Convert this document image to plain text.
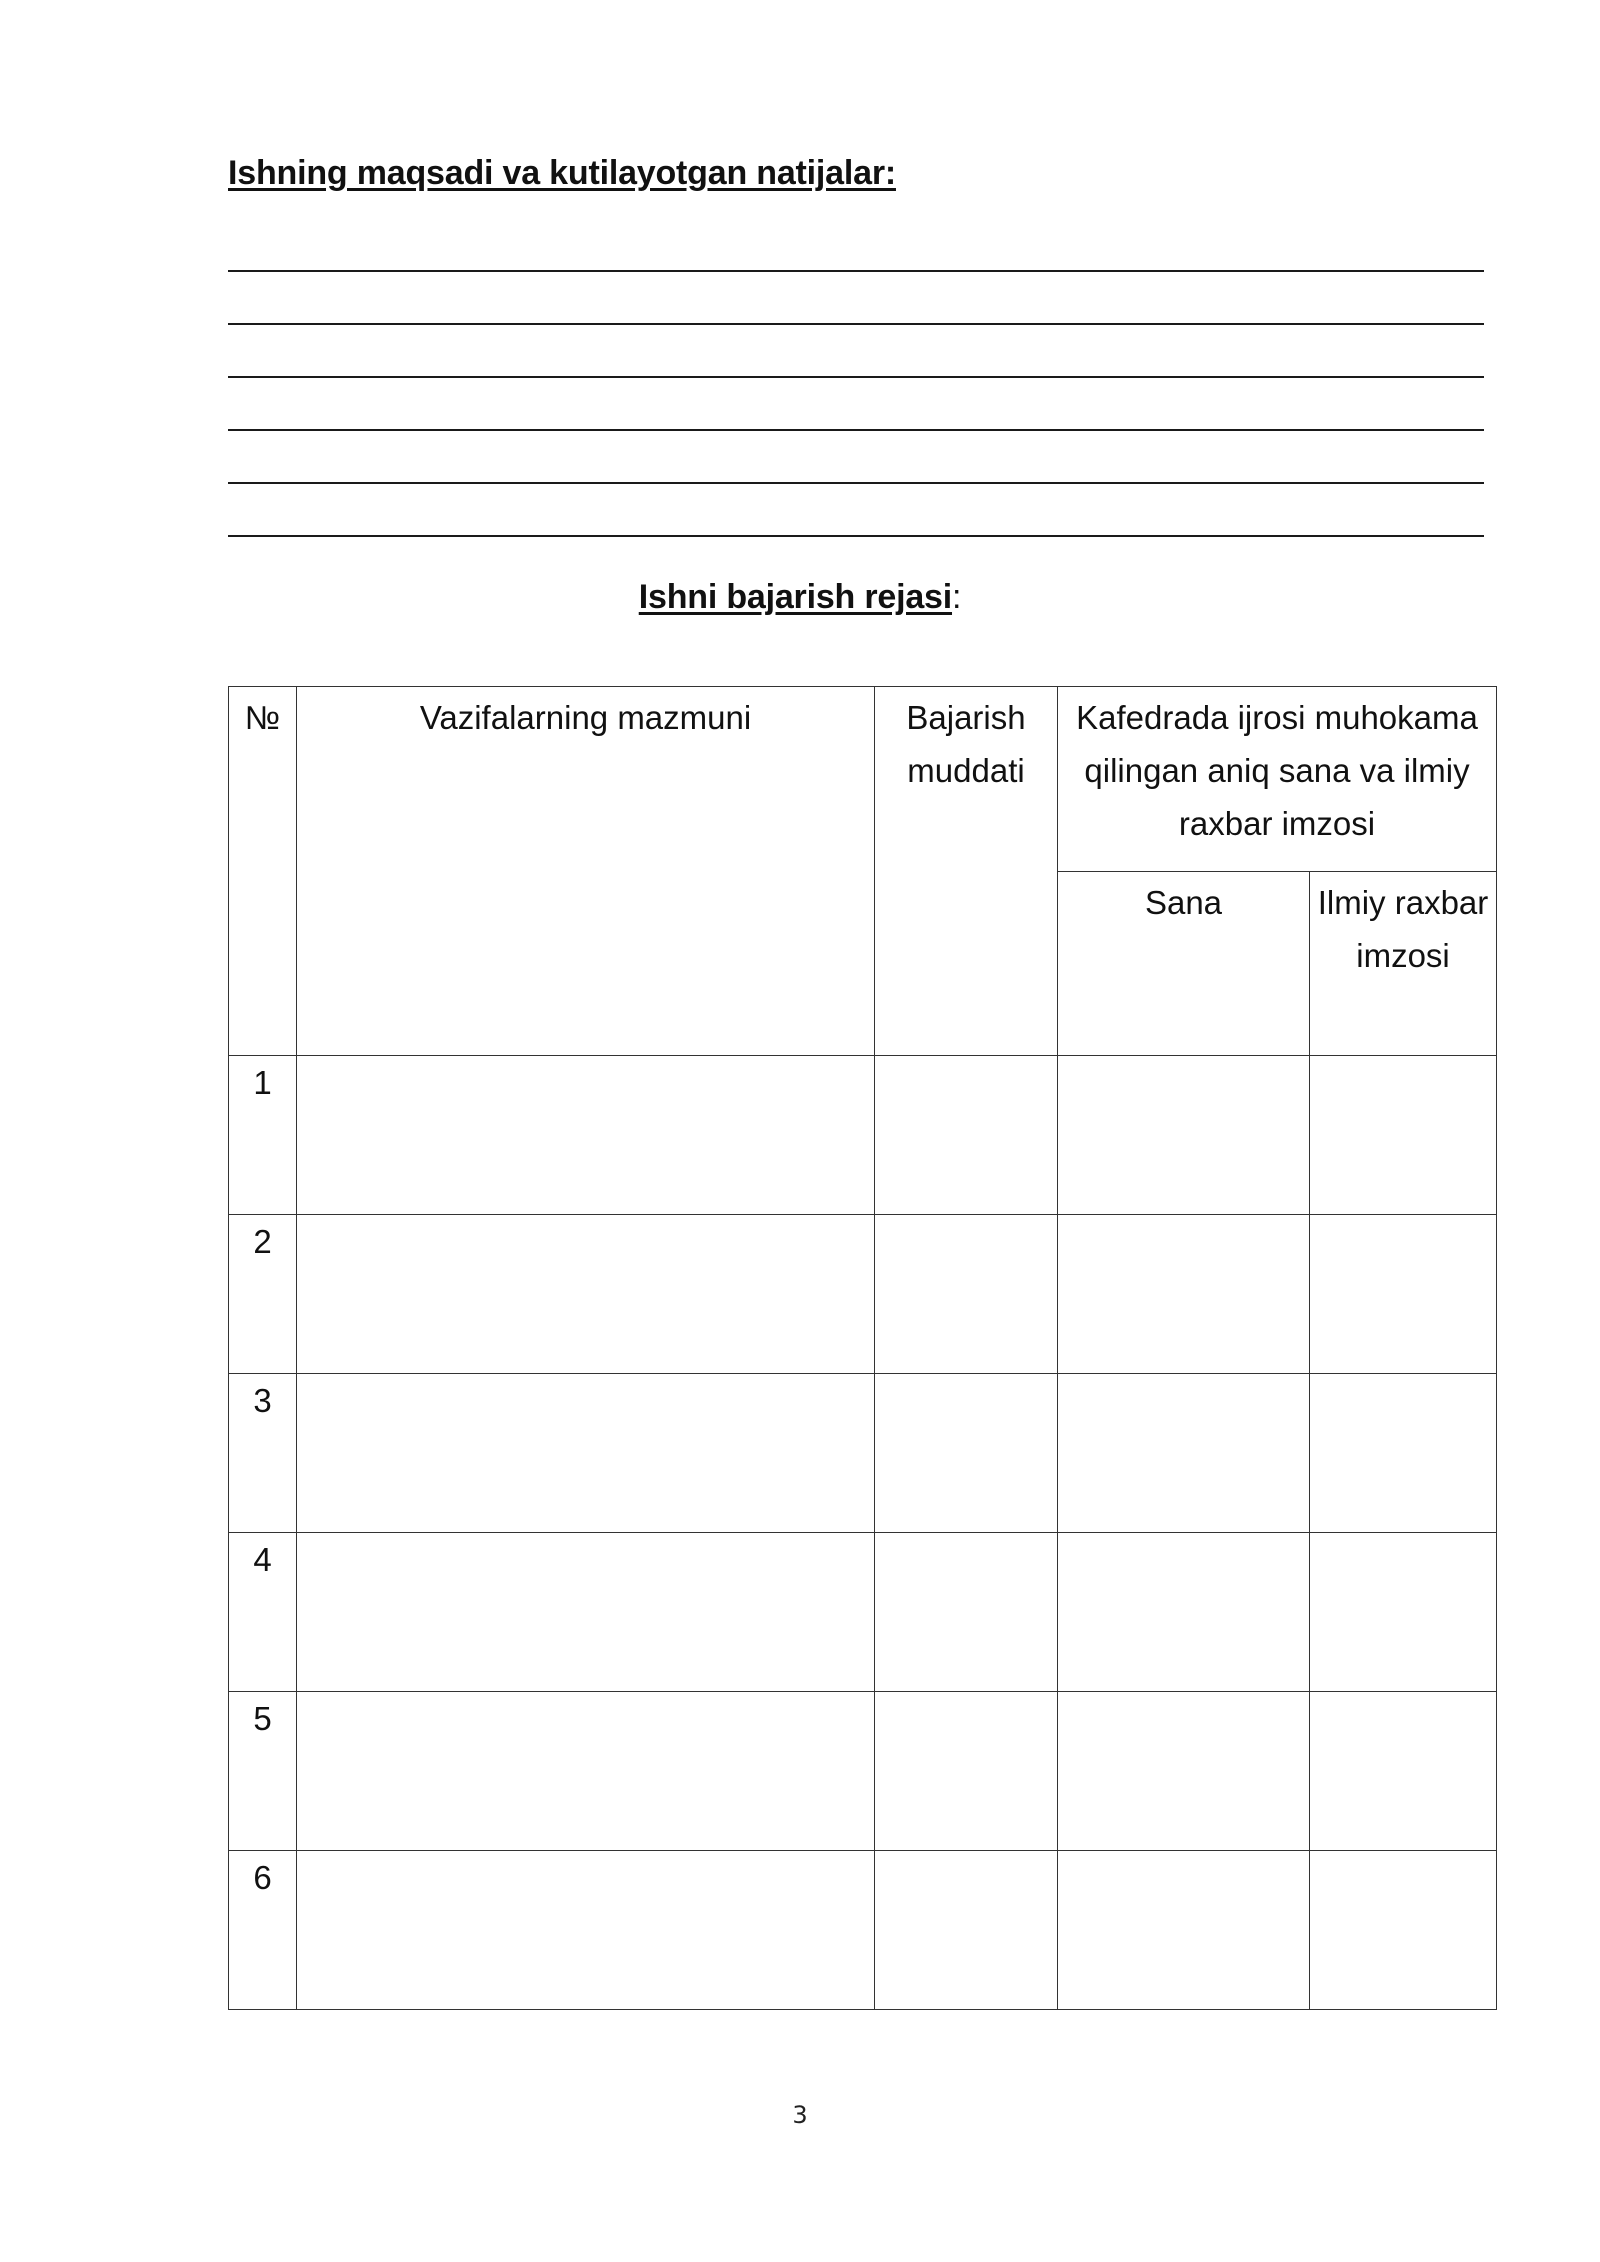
Ishning maqsadi va kutilayotgan natijalar:
Ishni bajarish rejasi:
№	Vazifalarning mazmuni	Bajarish muddati	Kafedrada ijrosi muhokama qilingan aniq sana va ilmiy raxbar imzosi	

			Sana	Ilmiy raxbar imzosi

1				
2				
3				
4				
5				
6				
3
